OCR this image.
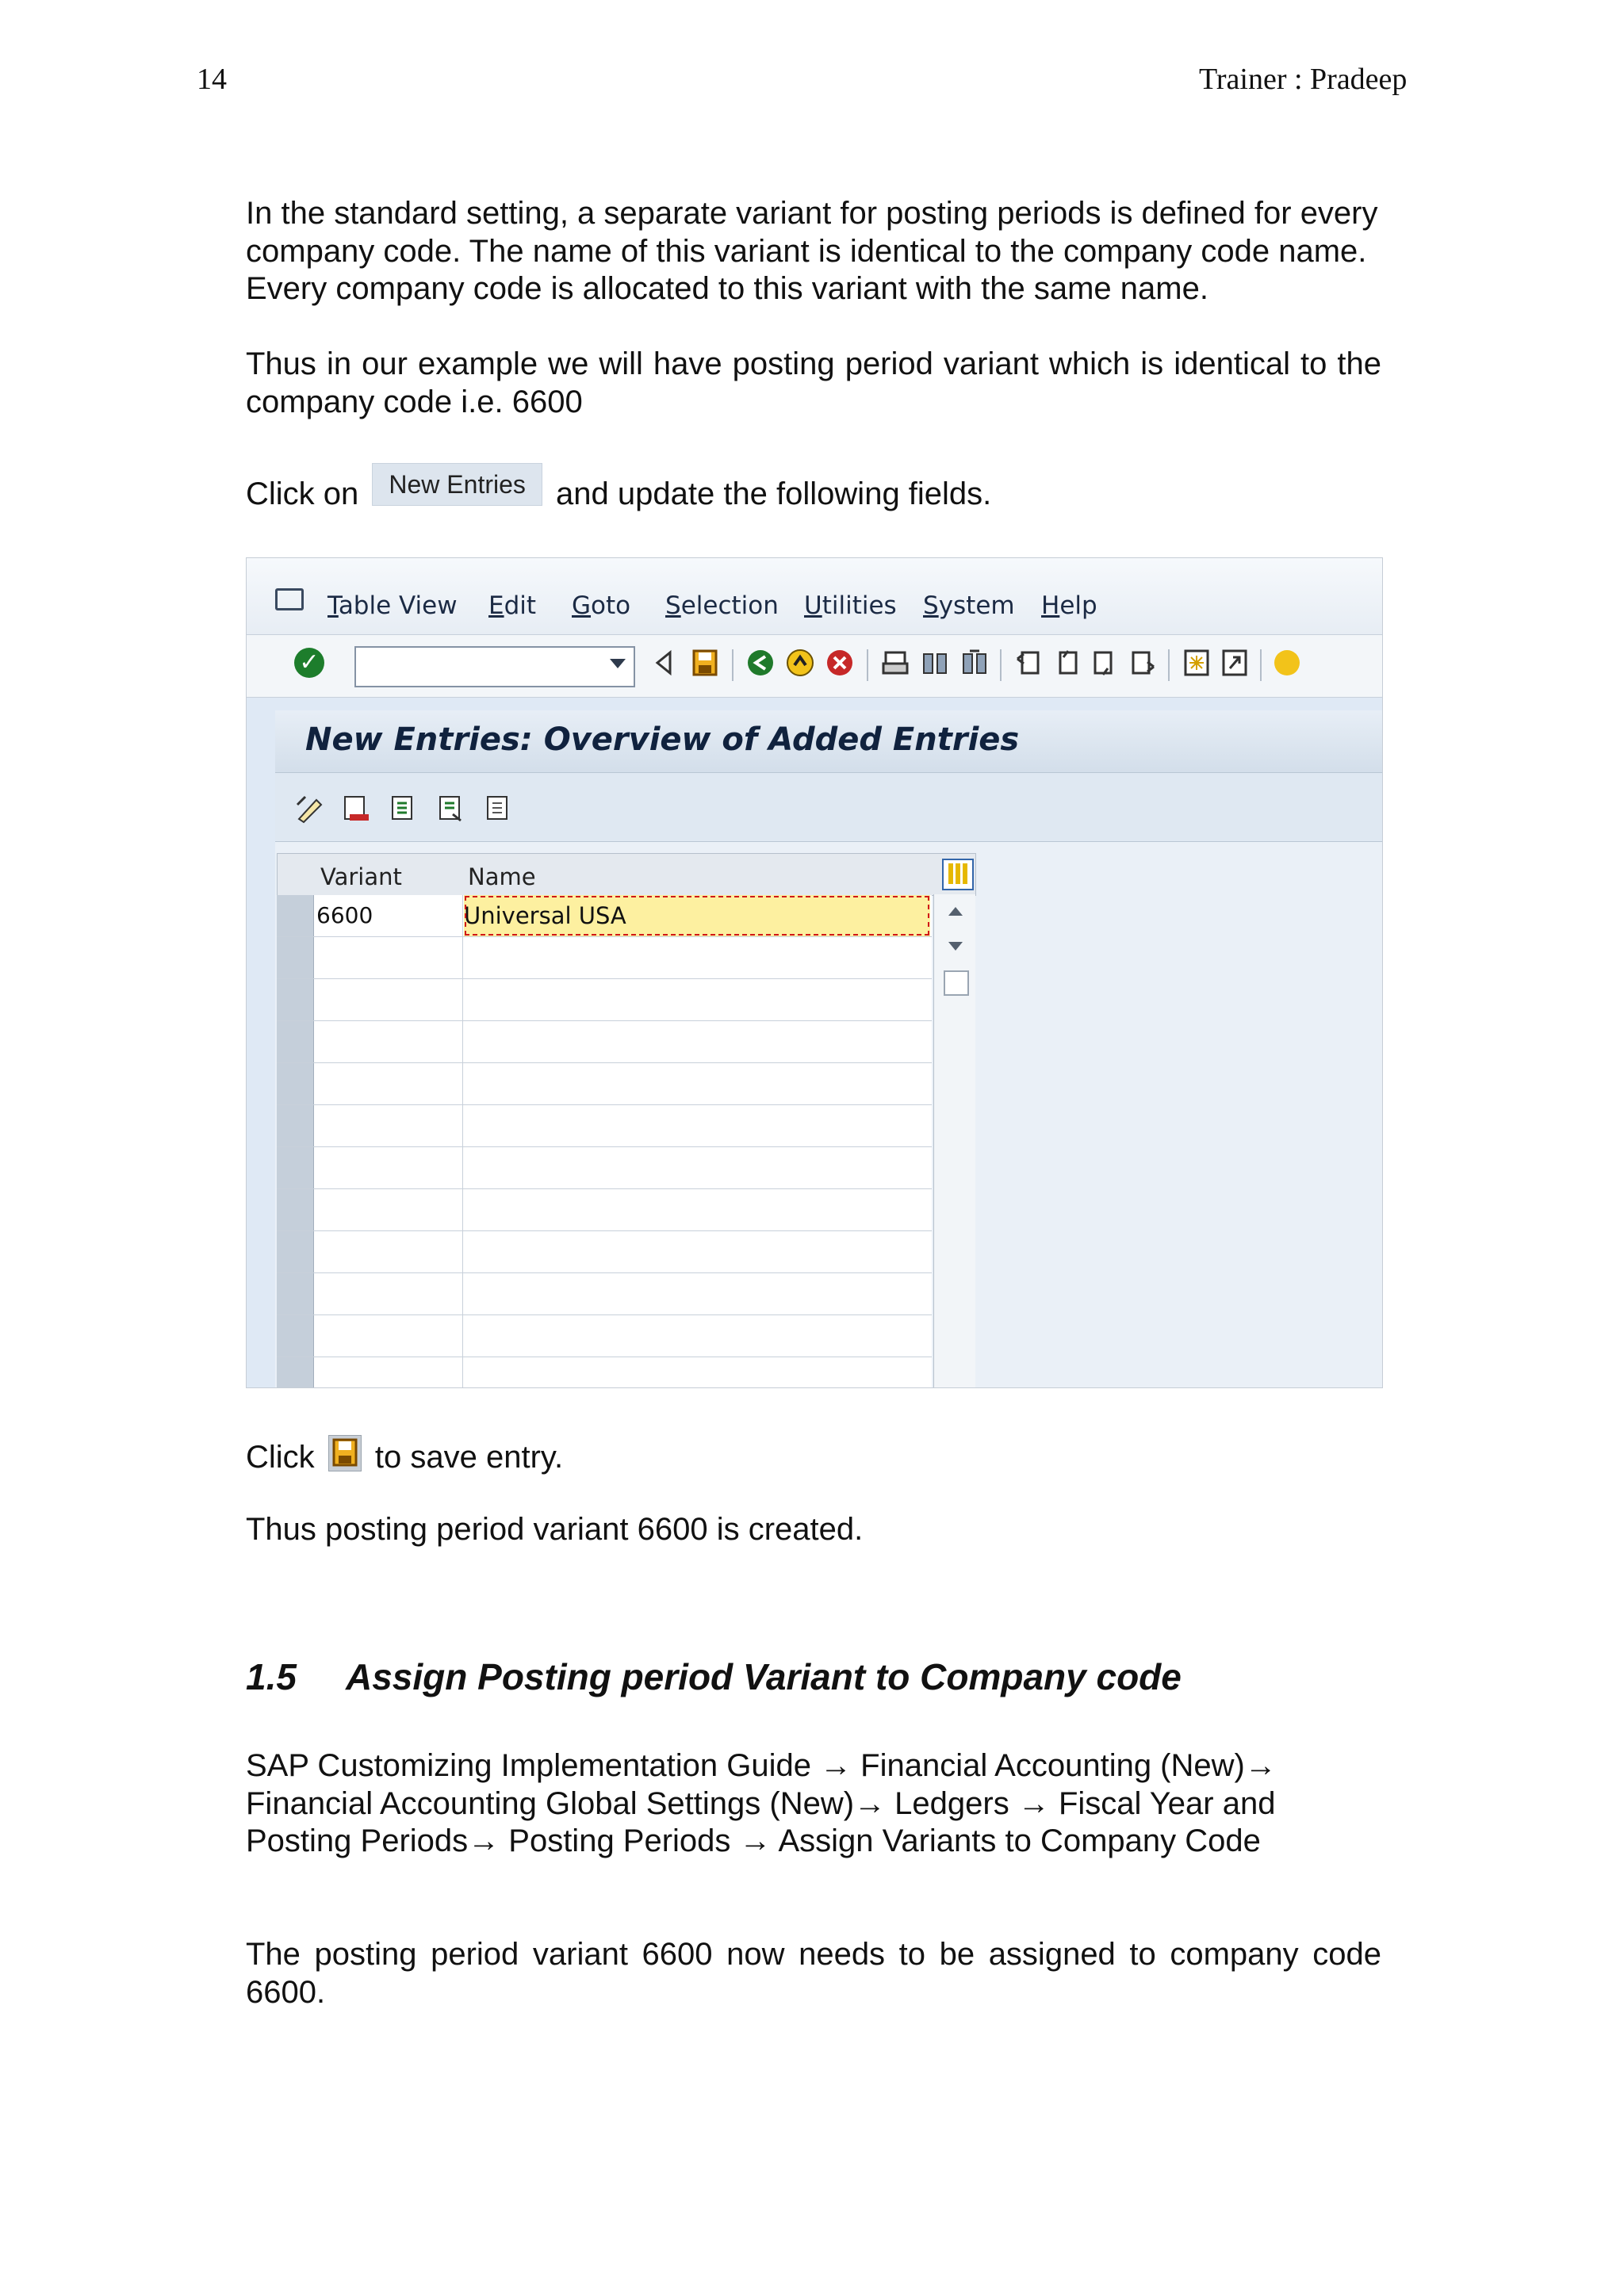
14	Trainer : Pradeep

In the standard setting, a separate variant for posting periods is defined for every company code. The name of this variant is identical to the company code name. Every company code is allocated to this variant with the same name.

Thus in our example we will have posting period variant which is identical to the company code i.e. 6600

Click on New Entries and update the following fields.

Table View Edit Goto Selection Utilities System Help
✓
New Entries: Overview of Added Entries
Variant	Name
6600	Universal USA

Click to save entry.

Thus posting period variant 6600 is created.

1.5 Assign Posting period Variant to Company code
SAP Customizing Implementation Guide → Financial Accounting (New)→
Financial Accounting Global Settings (New)→ Ledgers → Fiscal Year and
Posting Periods→ Posting Periods → Assign Variants to Company Code

The posting period variant 6600 now needs to be assigned to company code 6600.
